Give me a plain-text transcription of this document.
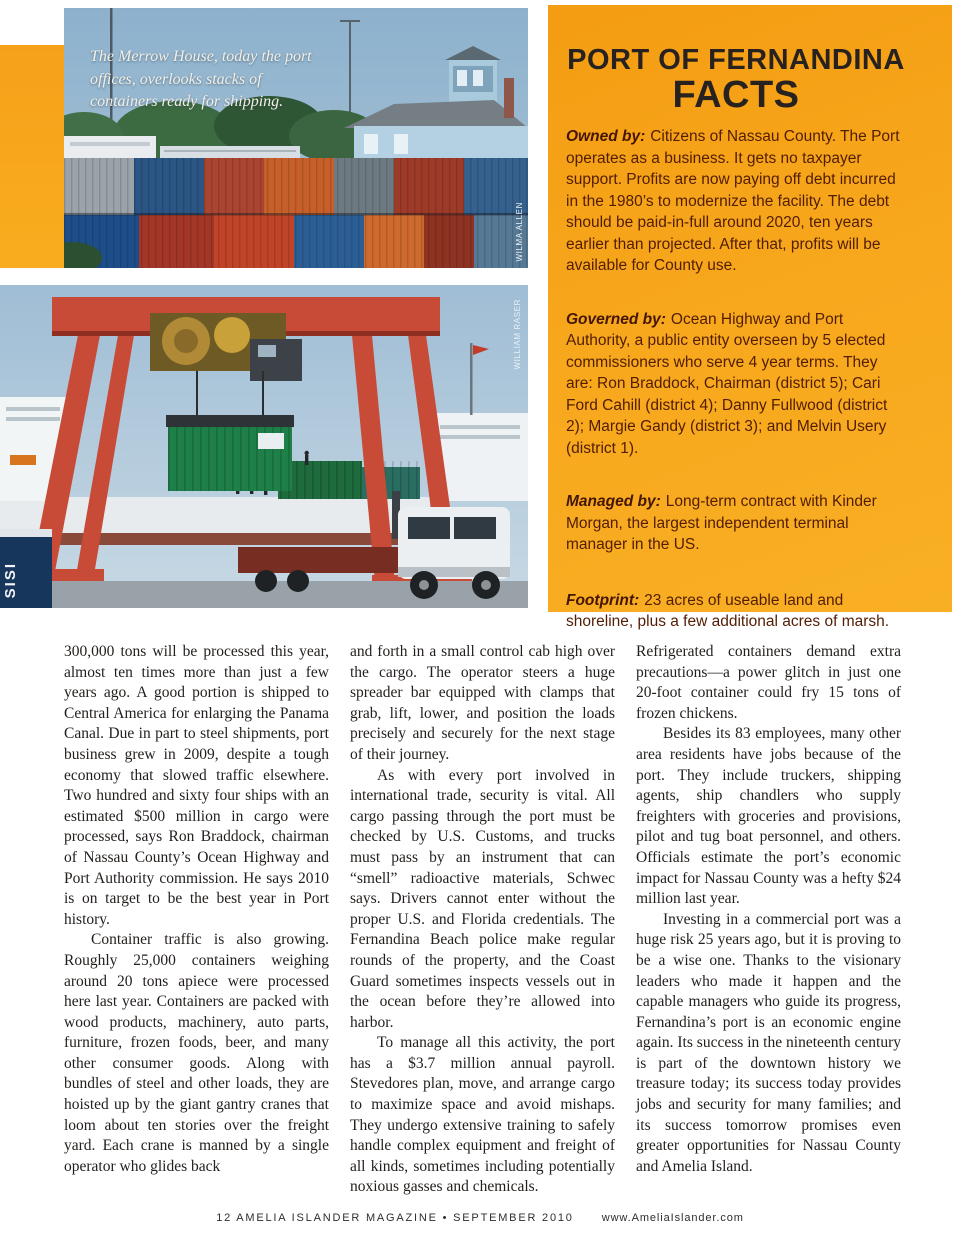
PORT OF FERNANDINA
FACTS

Owned by: Citizens of Nassau County. The Port operates as a business. It gets no taxpayer support. Profits are now paying off debt incurred in the 1980’s to modernize the facility. The debt should be paid-in-full around 2020, ten years earlier than projected. After that, profits will be available for County use.

Governed by: Ocean Highway and Port Authority, a public entity overseen by 5 elected commissioners who serve 4 year terms. They are: Ron Braddock, Chairman (district 5); Cari Ford Cahill (district 4); Danny Fullwood (district 2); Margie Gandy (district 3); and Melvin Usery (district 1).

Managed by: Long-term contract with Kinder Morgan, the largest independent terminal manager in the US.

Footprint: 23 acres of useable land and shoreline, plus a few additional acres of marsh.

The Merrow House, today the port offices, overlooks stacks of containers ready for shipping.
WILMA ALLEN
SISI
WILLIAM RASER

300,000 tons will be processed this year, almost ten times more than just a few years ago. A good portion is shipped to Central America for enlarging the Panama Canal. Due in part to steel shipments, port business grew in 2009, despite a tough economy that slowed traffic elsewhere. Two hundred and sixty four ships with an estimated $500 million in cargo were processed, says Ron Braddock, chairman of Nassau County’s Ocean Highway and Port Authority commission. He says 2010 is on target to be the best year in Port history.

Container traffic is also growing. Roughly 25,000 containers weighing around 20 tons apiece were processed here last year. Containers are packed with wood products, machinery, auto parts, furniture, frozen foods, beer, and many other consumer goods. Along with bundles of steel and other loads, they are hoisted up by the giant gantry cranes that loom about ten stories over the freight yard. Each crane is manned by a single operator who glides back

and forth in a small control cab high over the cargo. The operator steers a huge spreader bar equipped with clamps that grab, lift, lower, and position the loads precisely and securely for the next stage of their journey.

As with every port involved in international trade, security is vital. All cargo passing through the port must be checked by U.S. Customs, and trucks must pass by an instrument that can “smell” radioactive materials, Schwec says. Drivers cannot enter without the proper U.S. and Florida credentials. The Fernandina Beach police make regular rounds of the property, and the Coast Guard sometimes inspects vessels out in the ocean before they’re allowed into harbor.

To manage all this activity, the port has a $3.7 million annual payroll. Stevedores plan, move, and arrange cargo to maximize space and avoid mishaps. They undergo extensive training to safely handle complex equipment and freight of all kinds, sometimes including potentially noxious gasses and chemicals.

Refrigerated containers demand extra precautions—a power glitch in just one 20-foot container could fry 15 tons of frozen chickens.

Besides its 83 employees, many other area residents have jobs because of the port. They include truckers, shipping agents, ship chandlers who supply freighters with groceries and provisions, pilot and tug boat personnel, and others. Officials estimate the port’s economic impact for Nassau County was a hefty $24 million last year.

Investing in a commercial port was a huge risk 25 years ago, but it is proving to be a wise one. Thanks to the visionary leaders who made it happen and the capable managers who guide its progress, Fernandina’s port is an economic engine again. Its success in the nineteenth century is part of the downtown history we treasure today; its success today provides jobs and security for many families; and its success tomorrow promises even greater opportunities for Nassau County and Amelia Island.

12 AMELIA ISLANDER MAGAZINE • SEPTEMBER 2010	www.AmeliaIslander.com
